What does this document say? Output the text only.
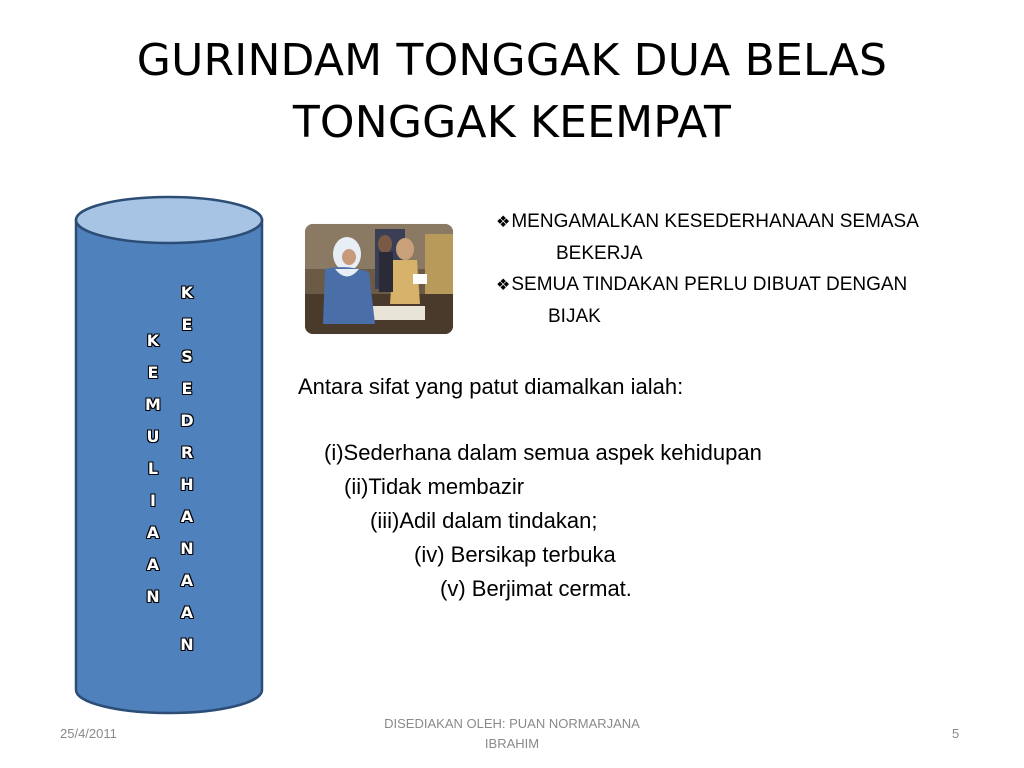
GURINDAM TONGGAK DUA BELAS
TONGGAK KEEMPAT
K
E
M
U
L
I
A
A
N
K
E
S
E
D
R
H
A
N
A
A
N
❖MENGAMALKAN KESEDERHANAAN SEMASA
BEKERJA
❖SEMUA TINDAKAN PERLU DIBUAT DENGAN
BIJAK
Antara sifat yang patut diamalkan ialah:
(i)Sederhana dalam semua aspek kehidupan
(ii)Tidak membazir
(iii)Adil dalam tindakan;
(iv) Bersikap terbuka
(v) Berjimat cermat.
25/4/2011
DISEDIAKAN OLEH: PUAN NORMARJANA
IBRAHIM
5
